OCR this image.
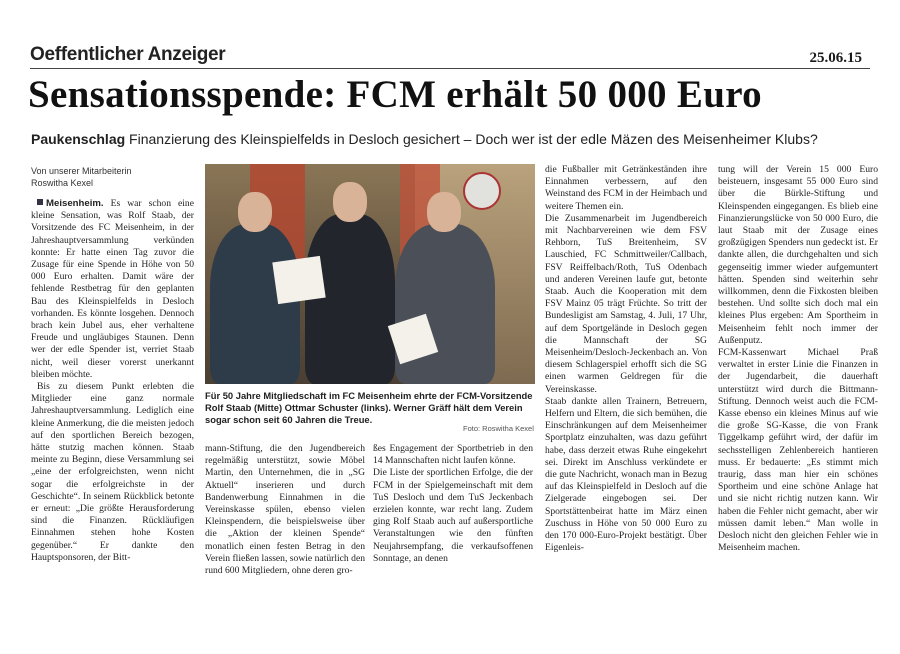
Oeffentlicher Anzeiger	25.06.15
Sensationsspende: FCM erhält 50 000 Euro
Paukenschlag Finanzierung des Kleinspielfelds in Desloch gesichert – Doch wer ist der edle Mäzen des Meisenheimer Klubs?
Von unserer Mitarbeiterin
Roswitha Kexel

Meisenheim. Es war schon eine kleine Sensation, was Rolf Staab, der Vorsitzende des FC Meisenheim, in der Jahreshauptversammlung verkünden konnte: Er hatte einen Tag zuvor die Zusage für eine Spende in Höhe von 50 000 Euro erhalten. Damit wäre der fehlende Restbetrag für den geplanten Bau des Kleinspielfelds in Desloch vorhanden. Es könnte losgehen. Dennoch brach kein Jubel aus, eher verhaltene Freude und ungläubiges Staunen. Denn wer der edle Spender ist, verriet Staab nicht, weil dieser vorerst unerkannt bleiben möchte.

Bis zu diesem Punkt erlebten die Mitglieder eine ganz normale Jahreshauptversammlung. Lediglich eine kleine Anmerkung, die die meisten jedoch auf den sportlichen Bereich bezogen, hätte stutzig machen können. Staab meinte zu Beginn, diese Versammlung sei „eine der erfolgreichsten, wenn nicht sogar die erfolgreichste in der Geschichte“. In seinem Rückblick betonte er erneut: „Die größte Herausforderung sind die Finanzen. Rückläufigen Einnahmen stehen hohe Kosten gegenüber.“ Er dankte den Hauptsponsoren, der Bitt-

Für 50 Jahre Mitgliedschaft im FC Meisenheim ehrte der FCM-Vorsitzende Rolf Staab (Mitte) Ottmar Schuster (links). Werner Gräff hält dem Verein sogar schon seit 60 Jahren die Treue.
Foto: Roswitha Kexel
mann-Stiftung, die den Jugendbereich regelmäßig unterstützt, sowie Möbel Martin, den Unternehmen, die in „SG Aktuell“ inserieren und durch Bandenwerbung Einnahmen in die Vereinskasse spülen, ebenso vielen Kleinspendern, die beispielsweise über die „Aktion der kleinen Spende“ monatlich einen festen Betrag in den Verein fließen lassen, sowie natürlich den rund 600 Mitgliedern, ohne deren gro-
ßes Engagement der Sportbetrieb in den 14 Mannschaften nicht laufen könne.
Die Liste der sportlichen Erfolge, die der FCM in der Spielgemeinschaft mit dem TuS Desloch und dem TuS Jeckenbach erzielen konnte, war recht lang. Zudem ging Rolf Staab auch auf außersportliche Veranstaltungen wie den fünften Neujahrsempfang, die verkaufsoffenen Sonntage, an denen
die Fußballer mit Getränkeständen ihre Einnahmen verbessern, auf den Weinstand des FCM in der Heimbach und weitere Themen ein.
Die Zusammenarbeit im Jugendbereich mit Nachbarvereinen wie dem FSV Rehborn, TuS Breitenheim, SV Lauschied, FC Schmittweiler/Callbach, FSV Reiffelbach/Roth, TuS Odenbach und anderen Vereinen laufe gut, betonte Staab. Auch die Kooperation mit dem FSV Mainz 05 trägt Früchte. So tritt der Bundesligist am Samstag, 4. Juli, 17 Uhr, auf dem Sportgelände in Desloch gegen die Mannschaft der SG Meisenheim/Desloch-Jeckenbach an. Von diesem Schlagerspiel erhofft sich die SG einen warmen Geldregen für die Vereinskasse.
Staab dankte allen Trainern, Betreuern, Helfern und Eltern, die sich bemühen, die Einschränkungen auf dem Meisenheimer Sportplatz einzuhalten, was dazu geführt habe, dass derzeit etwas Ruhe eingekehrt sei. Direkt im Anschluss verkündete er die gute Nachricht, wonach man in Bezug auf das Kleinspielfeld in Desloch auf die Zielgerade eingebogen sei. Der Sportstättenbeirat hatte im März einen Zuschuss in Höhe von 50 000 Euro zu den 170 000-Euro-Projekt bestätigt. Über Eigenleis-
tung will der Verein 15 000 Euro beisteuern, insgesamt 55 000 Euro sind über die Bürkle-Stiftung und Kleinspenden eingegangen. Es blieb eine Finanzierungslücke von 50 000 Euro, die laut Staab mit der Zusage eines großzügigen Spenders nun gedeckt ist. Er dankte allen, die durchgehalten und sich gegenseitig immer wieder aufgemuntert hätten. Spenden sind weiterhin sehr willkommen, denn die Fixkosten bleiben bestehen. Und sollte sich doch mal ein kleines Plus ergeben: Am Sportheim in Meisenheim fehlt noch immer der Außenputz.
FCM-Kassenwart Michael Praß verwaltet in erster Linie die Finanzen in der Jugendarbeit, die dauerhaft unterstützt wird durch die Bittmann-Stiftung. Dennoch weist auch die FCM-Kasse ebenso ein kleines Minus auf wie die große SG-Kasse, die von Frank Tiggelkamp geführt wird, der dafür im sechsstelligen Zehlenbereich hantieren muss. Er bedauerte: „Es stimmt mich traurig, dass man hier ein schönes Sportheim und eine schöne Anlage hat und sie nicht richtig nutzen kann. Wir haben die Fehler nicht gemacht, aber wir müssen damit leben.“ Man wolle in Desloch nicht den gleichen Fehler wie in Meisenheim machen.
